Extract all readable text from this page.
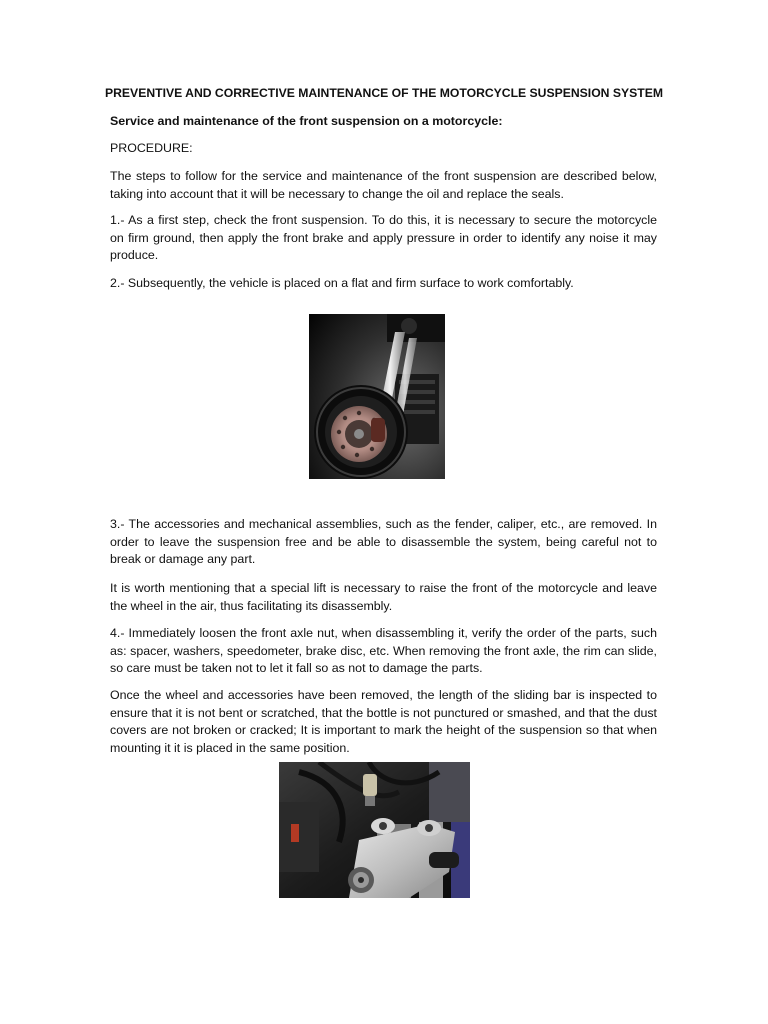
PREVENTIVE AND CORRECTIVE MAINTENANCE OF THE MOTORCYCLE SUSPENSION SYSTEM

Service and maintenance of the front suspension on a motorcycle:

PROCEDURE:

The steps to follow for the service and maintenance of the front suspension are described below, taking into account that it will be necessary to change the oil and replace the seals.

1.- As a first step, check the front suspension. To do this, it is necessary to secure the motorcycle on firm ground, then apply the front brake and apply pressure in order to identify any noise it may produce.

2.- Subsequently, the vehicle is placed on a flat and firm surface to work comfortably.

3.- The accessories and mechanical assemblies, such as the fender, caliper, etc., are removed. In order to leave the suspension free and be able to disassemble the system, being careful not to break or damage any part.

It is worth mentioning that a special lift is necessary to raise the front of the motorcycle and leave the wheel in the air, thus facilitating its disassembly.

4.- Immediately loosen the front axle nut, when disassembling it, verify the order of the parts, such as: spacer, washers, speedometer, brake disc, etc. When removing the front axle, the rim can slide, so care must be taken not to let it fall so as not to damage the parts.

Once the wheel and accessories have been removed, the length of the sliding bar is inspected to ensure that it is not bent or scratched, that the bottle is not punctured or smashed, and that the dust covers are not broken or cracked; It is important to mark the height of the suspension so that when mounting it it is placed in the same position.
